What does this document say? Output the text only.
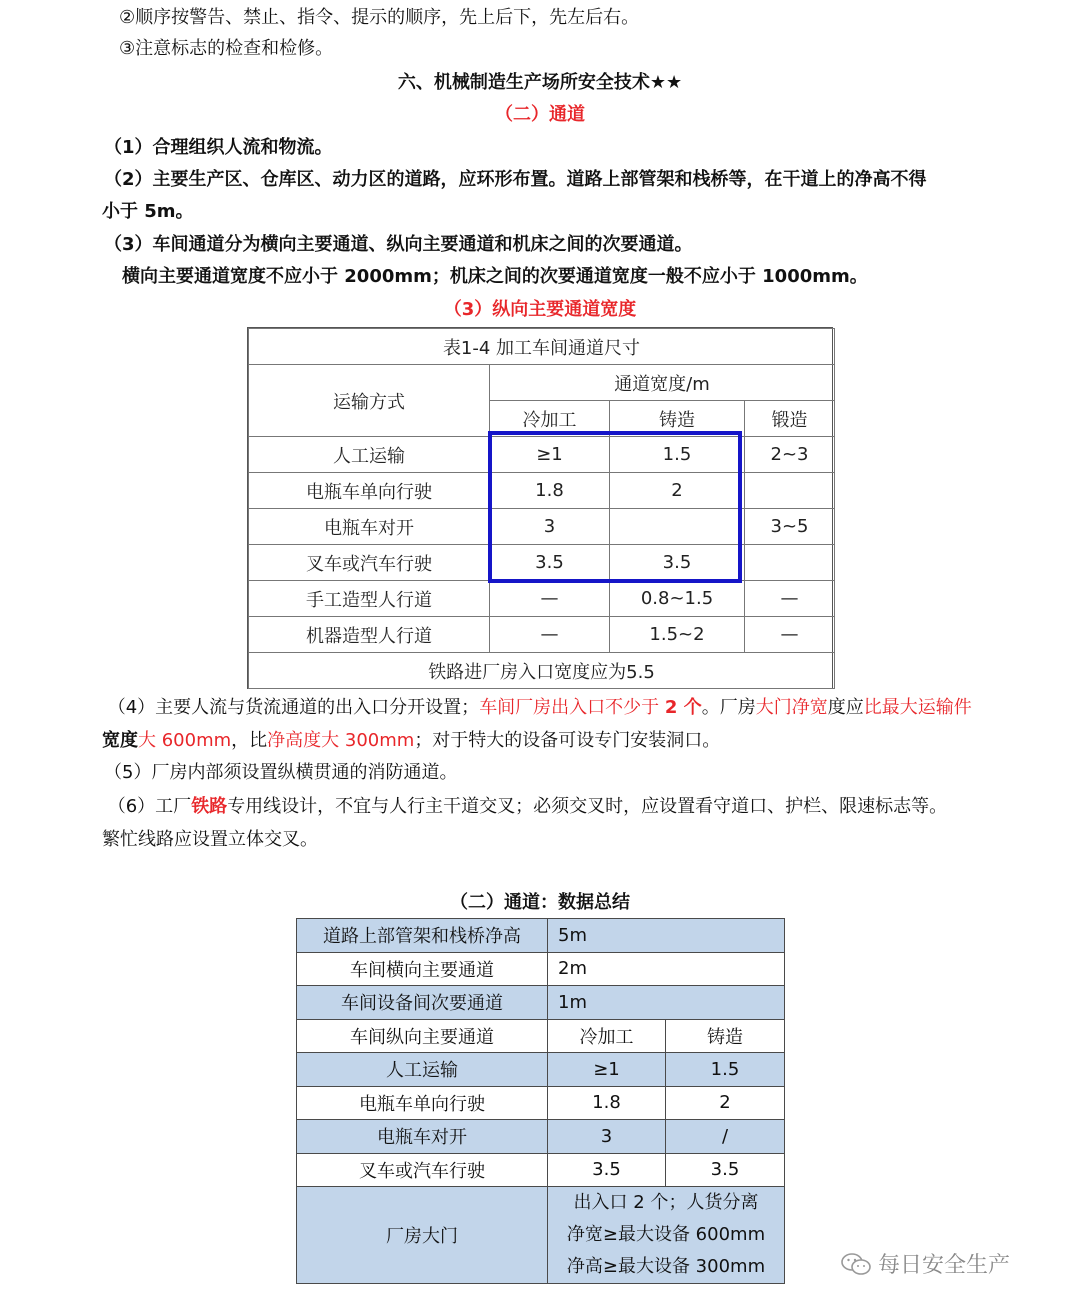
②顺序按警告、禁止、指令、提示的顺序，先上后下，先左后右。
③注意标志的检查和检修。
六、机械制造生产场所安全技术★★
（二）通道
（1）合理组织人流和物流。
（2）主要生产区、仓库区、动力区的道路，应环形布置。道路上部管架和栈桥等，在干道上的净高不得
小于 5m。
（3）车间通道分为横向主要通道、纵向主要通道和机床之间的次要通道。
横向主要通道宽度不应小于 2000mm；机床之间的次要通道宽度一般不应小于 1000mm。
（3）纵向主要通道宽度
表1-4 加工车间通道尺寸			
运输方式	通道宽度/m		
	冷加工	铸造	锻造
人工运输	≥1	1.5	2~3
电瓶车单向行驶	1.8	2	
电瓶车对开	3		3~5
叉车或汽车行驶	3.5	3.5	
手工造型人行道	—	0.8~1.5	—
机器造型人行道	—	1.5~2	—
铁路进厂房入口宽度应为5.5			
（4）主要人流与货流通道的出入口分开设置；车间厂房出入口不少于 2 个。厂房大门净宽度应比最大运输件宽度大 600mm，比净高度大 300mm；对于特大的设备可设专门安装洞口。
（5）厂房内部须设置纵横贯通的消防通道。
（6）工厂铁路专用线设计，不宜与人行主干道交叉；必须交叉时，应设置看守道口、护栏、限速标志等。
繁忙线路应设置立体交叉。
（二）通道：数据总结
道路上部管架和栈桥净高	5m	
车间横向主要通道	2m	
车间设备间次要通道	1m	
车间纵向主要通道	冷加工	铸造
人工运输	≥1	1.5
电瓶车单向行驶	1.8	2
电瓶车对开	3	/
叉车或汽车行驶	3.5	3.5
厂房大门	出入口 2 个；人货分离
净宽≥最大设备 600mm
净高≥最大设备 300mm		每日安全生产
